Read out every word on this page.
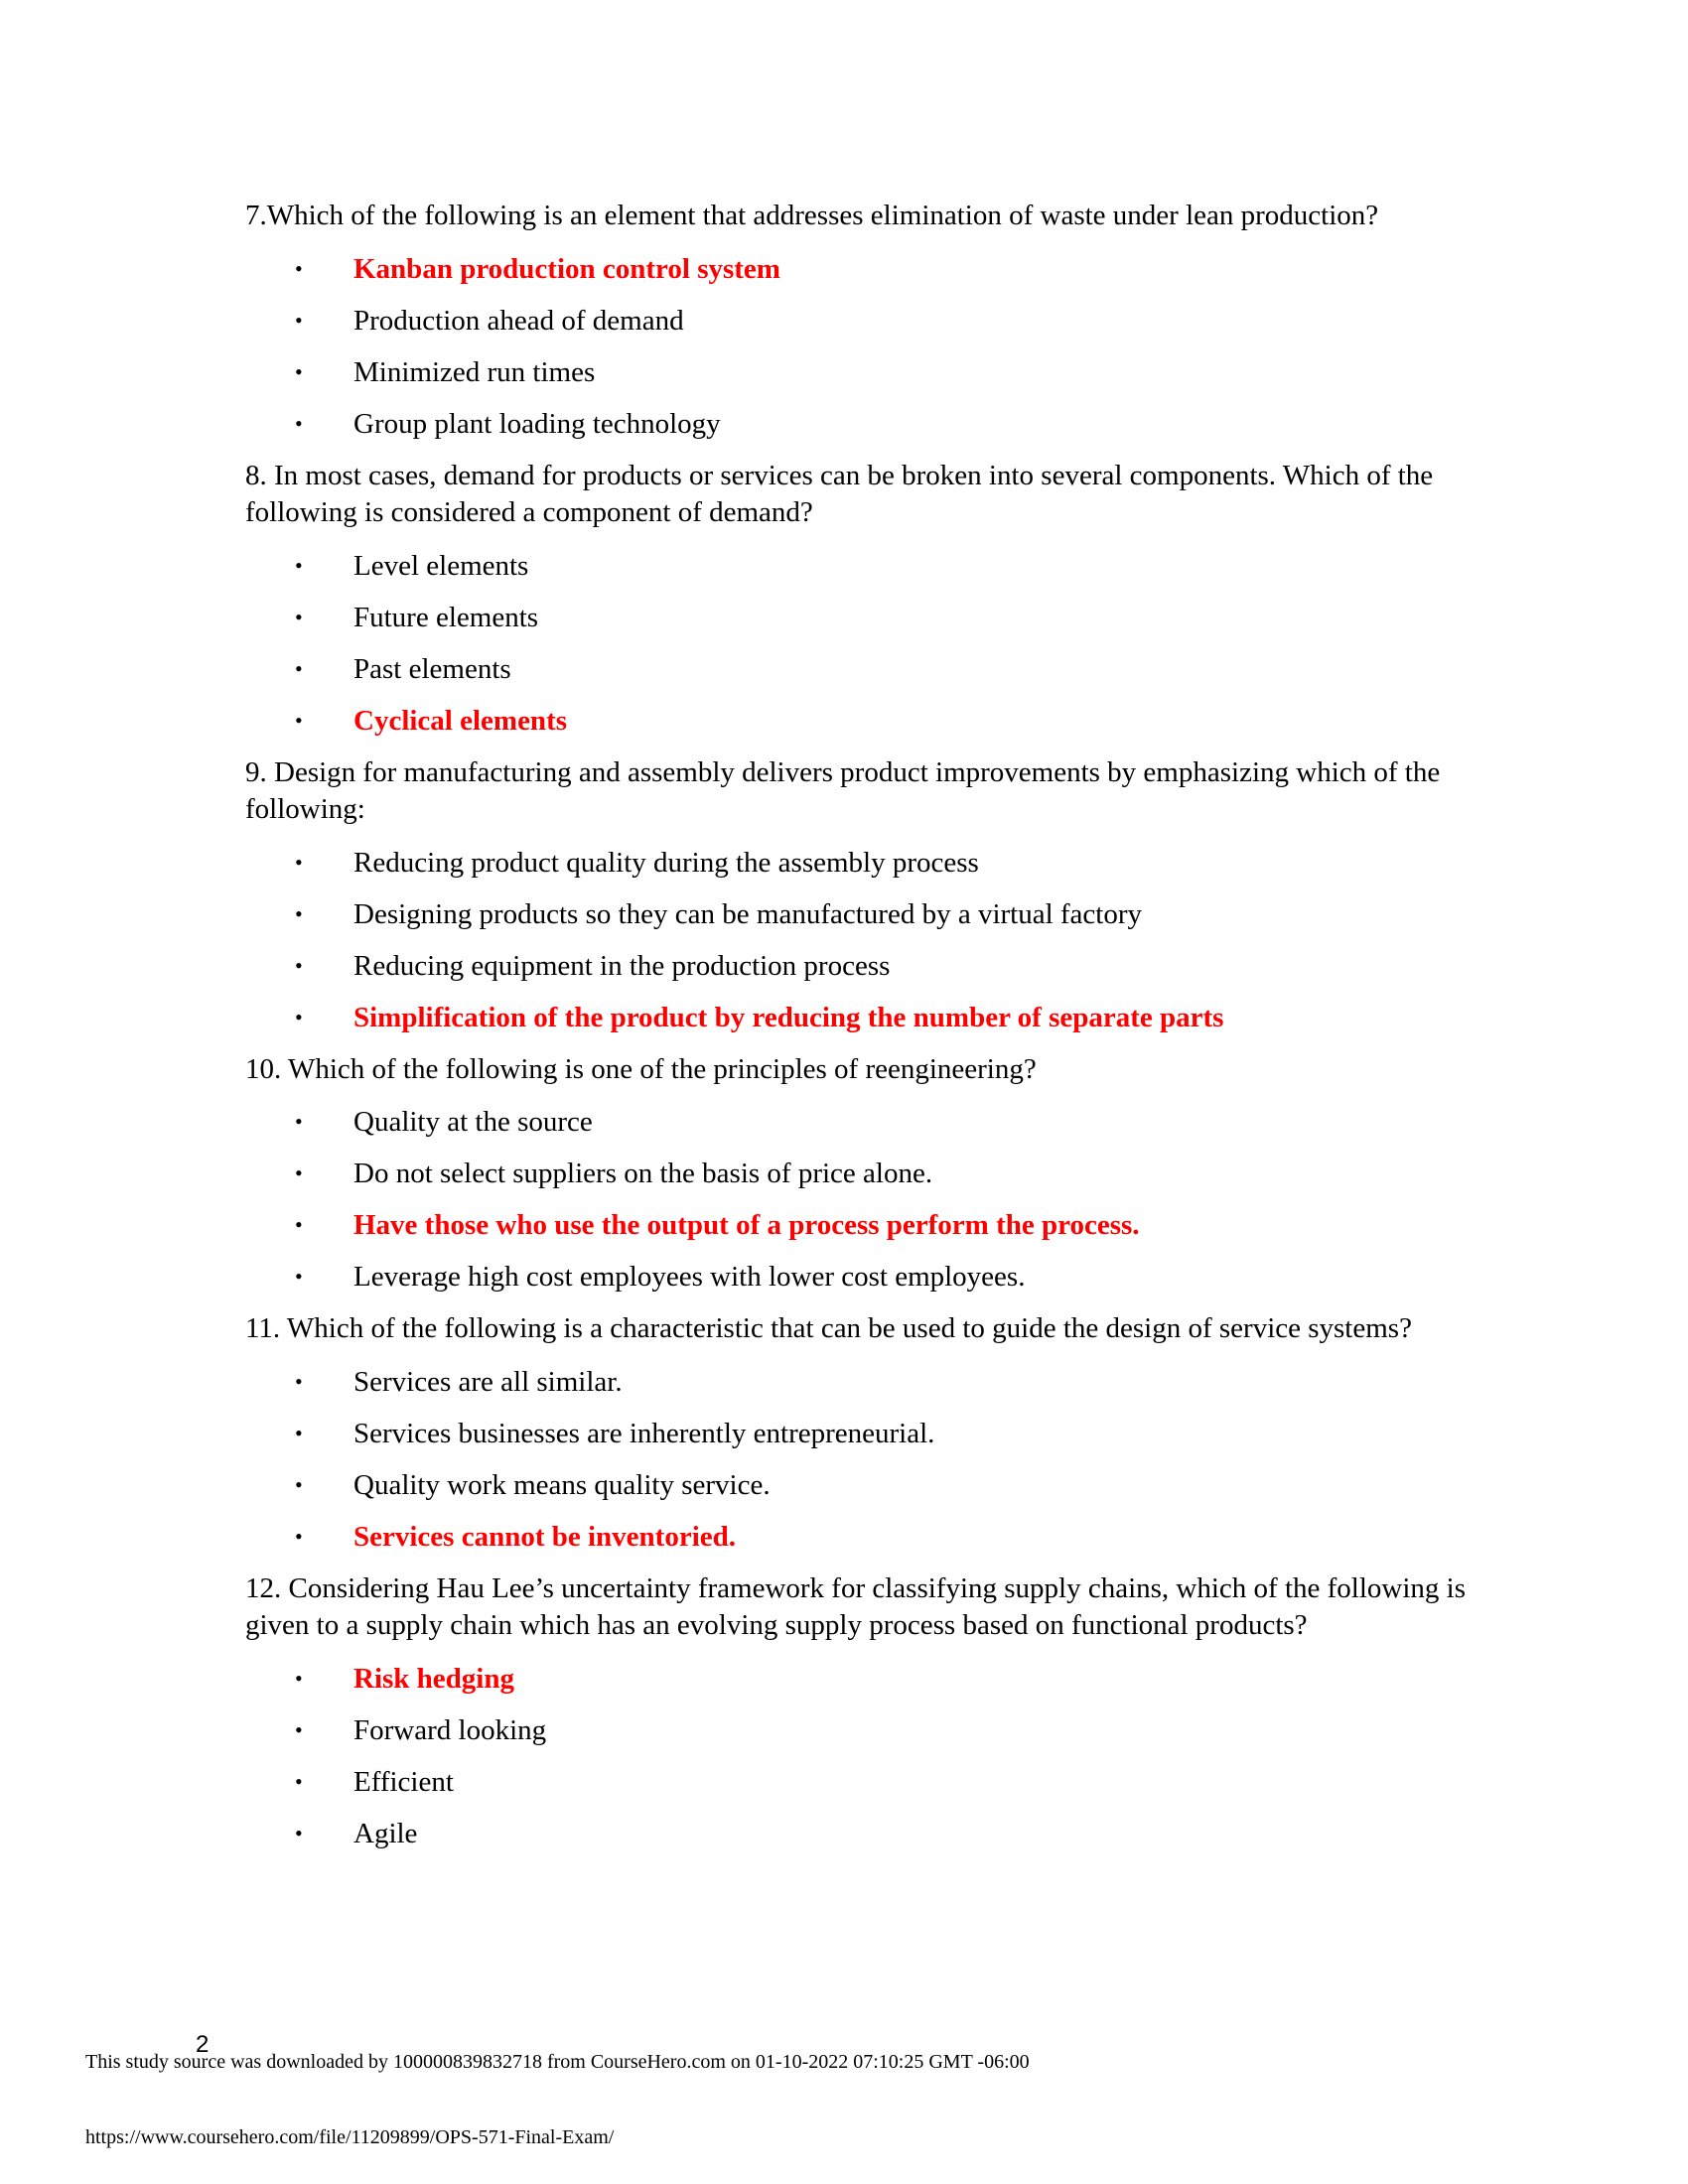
7.Which of the following is an element that addresses elimination of waste under lean production?
• Kanban production control system
• Production ahead of demand
• Minimized run times
• Group plant loading technology
8. In most cases, demand for products or services can be broken into several components. Which of the following is considered a component of demand?
• Level elements
• Future elements
• Past elements
• Cyclical elements
9. Design for manufacturing and assembly delivers product improvements by emphasizing which of the following:
• Reducing product quality during the assembly process
• Designing products so they can be manufactured by a virtual factory
• Reducing equipment in the production process
• Simplification of the product by reducing the number of separate parts
10. Which of the following is one of the principles of reengineering?
• Quality at the source
• Do not select suppliers on the basis of price alone.
• Have those who use the output of a process perform the process.
• Leverage high cost employees with lower cost employees.
11. Which of the following is a characteristic that can be used to guide the design of service systems?
• Services are all similar.
• Services businesses are inherently entrepreneurial.
• Quality work means quality service.
• Services cannot be inventoried.
12. Considering Hau Lee’s uncertainty framework for classifying supply chains, which of the following is given to a supply chain which has an evolving supply process based on functional products?
• Risk hedging
• Forward looking
• Efficient
• Agile
2
This study source was downloaded by 100000839832718 from CourseHero.com on 01-10-2022 07:10:25 GMT -06:00
https://www.coursehero.com/file/11209899/OPS-571-Final-Exam/
